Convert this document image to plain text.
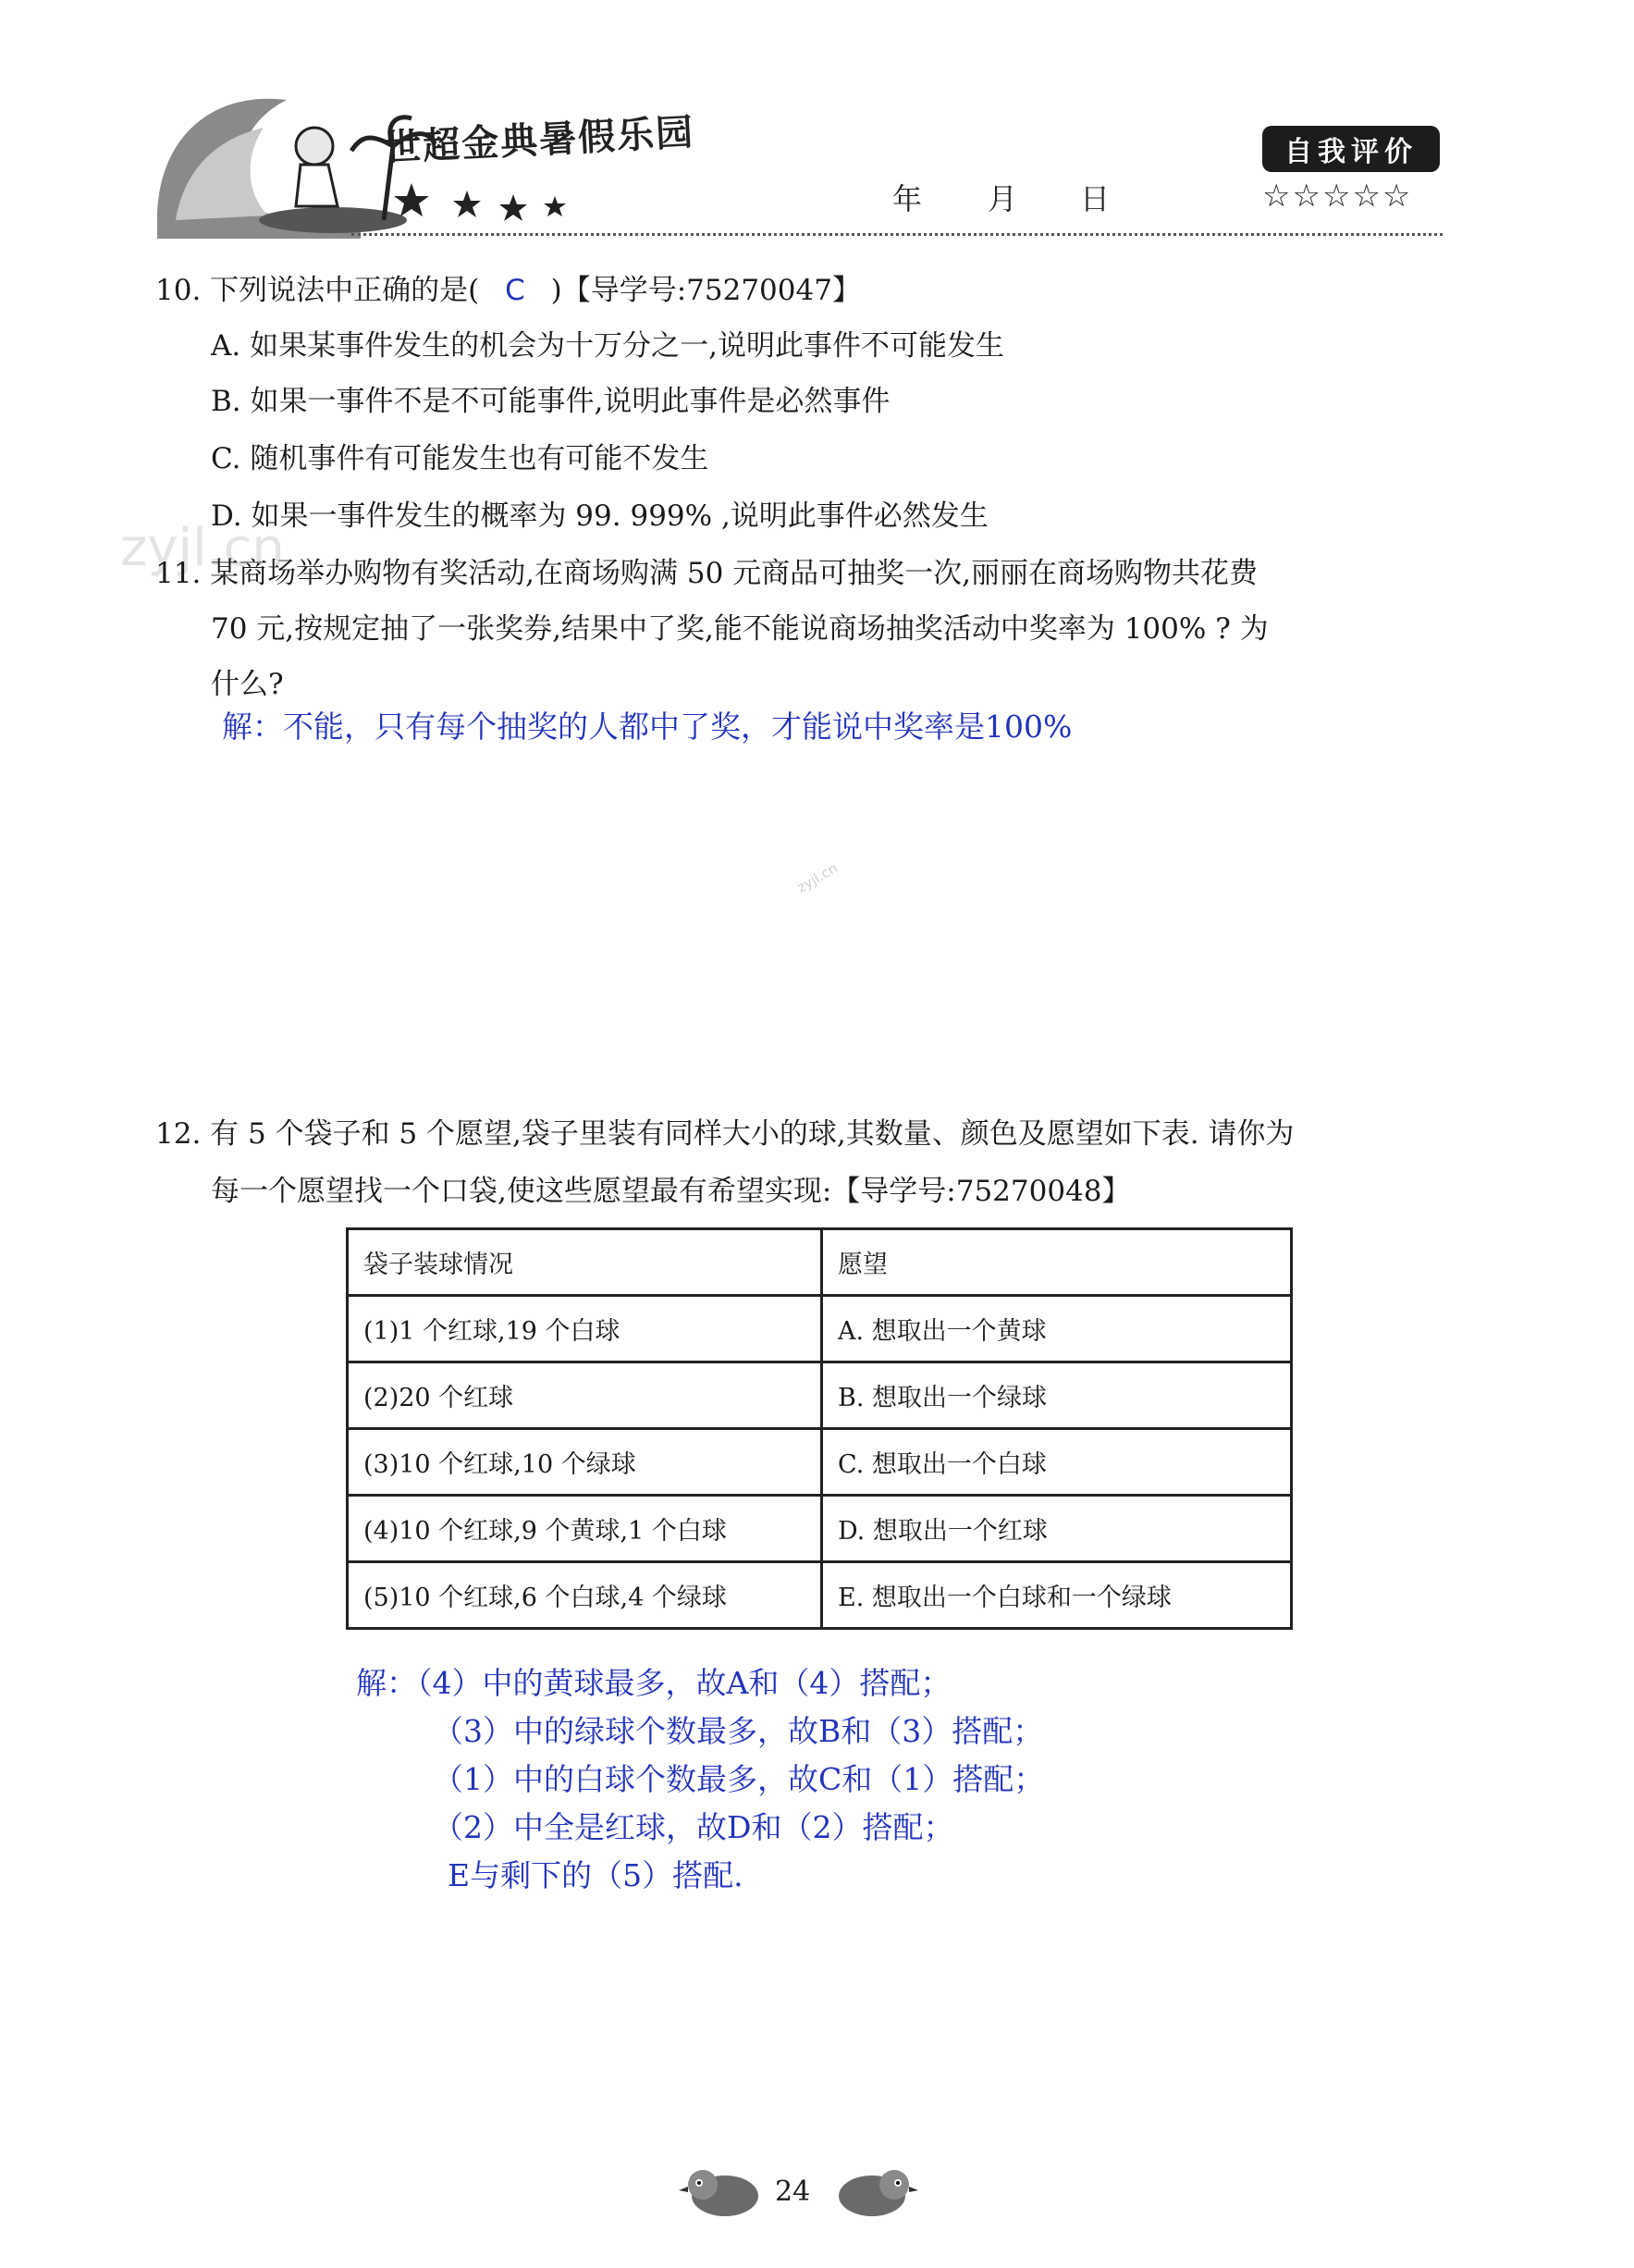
世超金典暑假乐园
年 月 日
自我评价
☆☆☆☆☆
zyjl.cn
zyjl.cn
10. 下列说法中正确的是( C )【导学号:75270047】
A. 如果某事件发生的机会为十万分之一,说明此事件不可能发生
B. 如果一事件不是不可能事件,说明此事件是必然事件
C. 随机事件有可能发生也有可能不发生
D. 如果一事件发生的概率为 99. 999% ,说明此事件必然发生
11. 某商场举办购物有奖活动,在商场购满 50 元商品可抽奖一次,丽丽在商场购物共花费
70 元,按规定抽了一张奖券,结果中了奖,能不能说商场抽奖活动中奖率为 100% ? 为
什么?
解：不能，只有每个抽奖的人都中了奖，才能说中奖率是100%
12. 有 5 个袋子和 5 个愿望,袋子里装有同样大小的球,其数量、颜色及愿望如下表. 请你为
每一个愿望找一个口袋,使这些愿望最有希望实现:【导学号:75270048】
袋子装球情况	愿望
(1)1 个红球,19 个白球	A. 想取出一个黄球
(2)20 个红球	B. 想取出一个绿球
(3)10 个红球,10 个绿球	C. 想取出一个白球
(4)10 个红球,9 个黄球,1 个白球	D. 想取出一个红球
(5)10 个红球,6 个白球,4 个绿球	E. 想取出一个白球和一个绿球
解：（4）中的黄球最多，故A和（4）搭配；
（3）中的绿球个数最多，故B和（3）搭配；
（1）中的白球个数最多，故C和（1）搭配；
（2）中全是红球，故D和（2）搭配；
E与剩下的（5）搭配.
24
